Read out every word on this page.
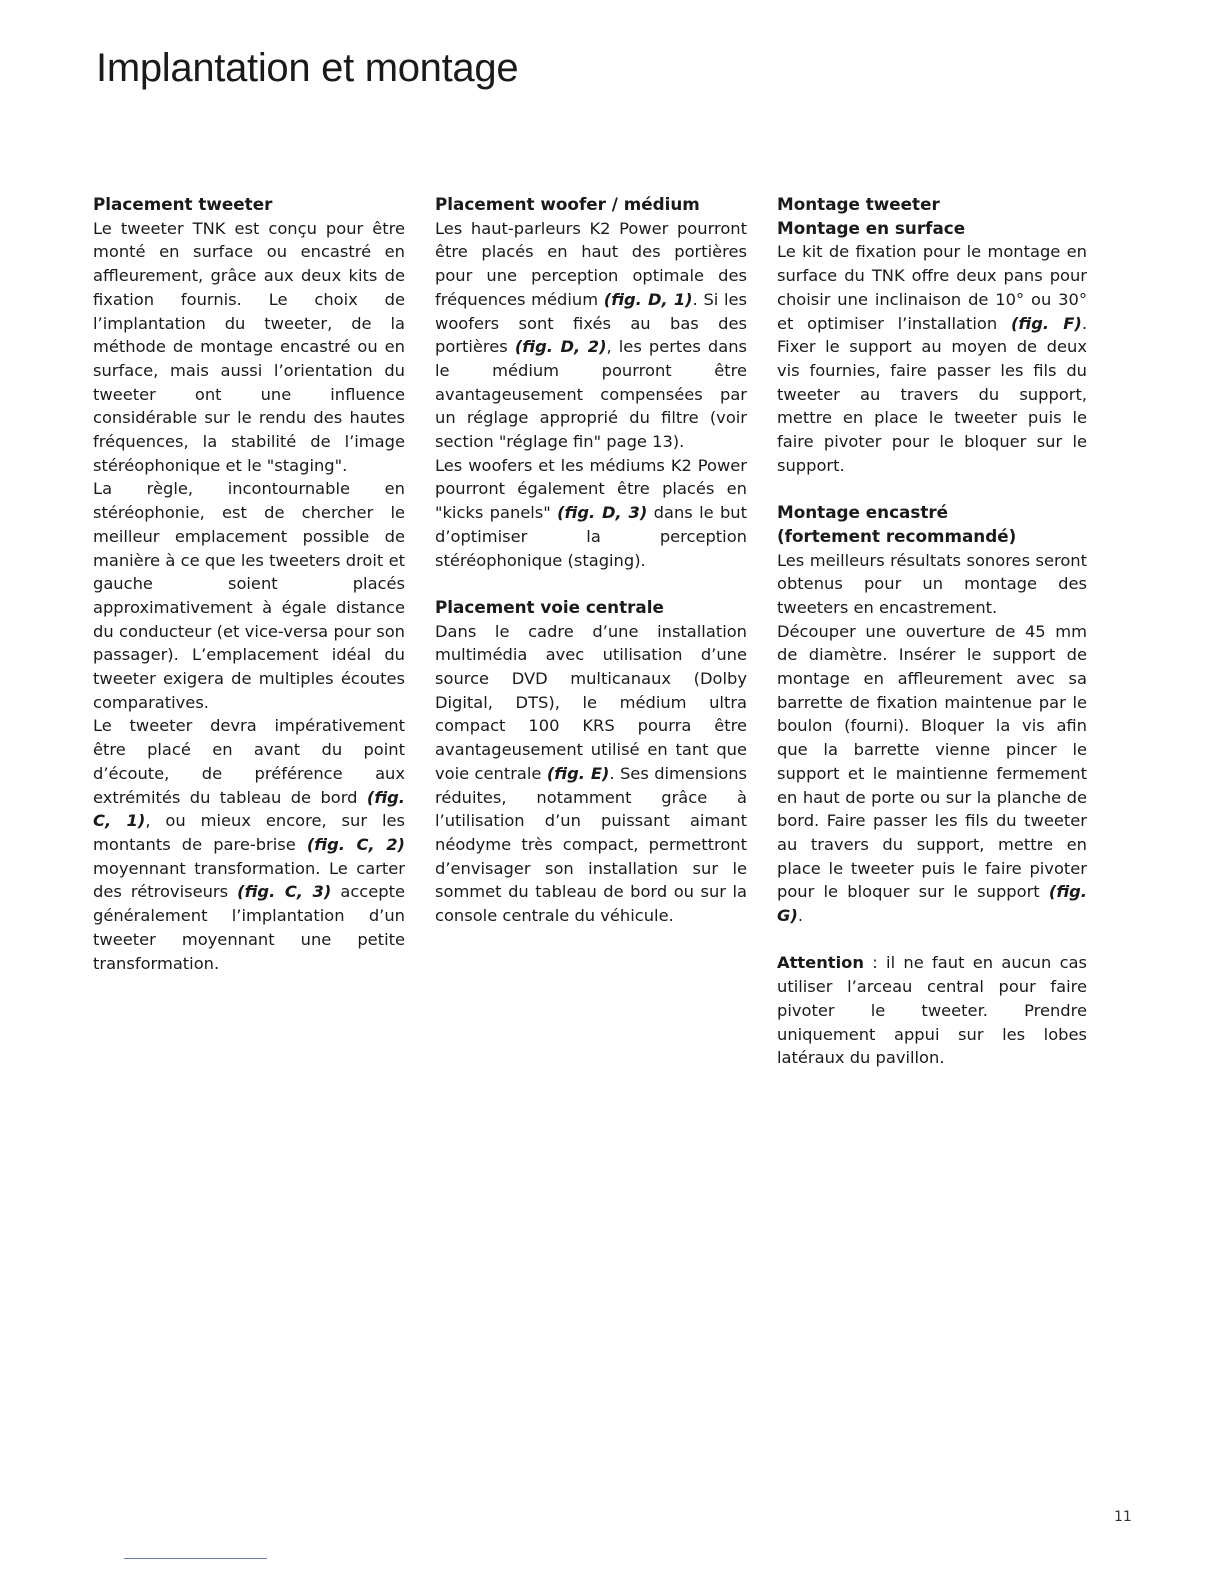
Implantation et montage
Placement tweeter

Le tweeter TNK est conçu pour être monté en surface ou encastré en affleurement, grâce aux deux kits de fixation fournis. Le choix de l’implantation du tweeter, de la méthode de montage encastré ou en surface, mais aussi l’orientation du tweeter ont une influence considérable sur le rendu des hautes fréquences, la stabilité de l’image stéréophonique et le "staging".

La règle, incontournable en stéréophonie, est de chercher le meilleur emplacement possible de manière à ce que les tweeters droit et gauche soient placés approximativement à égale distance du conducteur (et vice-versa pour son passager). L’emplacement idéal du tweeter exigera de multiples écoutes comparatives.

Le tweeter devra impérativement être placé en avant du point d’écoute, de préférence aux extrémités du tableau de bord (fig. C, 1), ou mieux encore, sur les montants de pare-brise (fig. C, 2) moyennant transformation. Le carter des rétroviseurs (fig. C, 3) accepte généralement l’implantation d’un tweeter moyennant une petite transformation.

Placement woofer / médium

Les haut-parleurs K2 Power pourront être placés en haut des portières pour une perception optimale des fréquences médium (fig. D, 1). Si les woofers sont fixés au bas des portières (fig. D, 2), les pertes dans le médium pourront être avantageusement compensées par un réglage approprié du filtre (voir section "réglage fin" page 13).

Les woofers et les médiums K2 Power pourront également être placés en "kicks panels" (fig. D, 3) dans le but d’optimiser la perception stéréophonique (staging).

Placement voie centrale

Dans le cadre d’une installation multimédia avec utilisation d’une source DVD multicanaux (Dolby Digital, DTS), le médium ultra compact 100 KRS pourra être avantageusement utilisé en tant que voie centrale (fig. E). Ses dimensions réduites, notamment grâce à l’utilisation d’un puissant aimant néodyme très compact, permettront d’envisager son installation sur le sommet du tableau de bord ou sur la console centrale du véhicule.

Montage tweeter
Montage en surface

Le kit de fixation pour le montage en surface du TNK offre deux pans pour choisir une inclinaison de 10° ou 30° et optimiser l’installation (fig. F). Fixer le support au moyen de deux vis fournies, faire passer les fils du tweeter au travers du support, mettre en place le tweeter puis le faire pivoter pour le bloquer sur le support.

Montage encastré
(fortement recommandé)

Les meilleurs résultats sonores seront obtenus pour un montage des tweeters en encastrement.

Découper une ouverture de 45 mm de diamètre. Insérer le support de montage en affleurement avec sa barrette de fixation maintenue par le boulon (fourni). Bloquer la vis afin que la barrette vienne pincer le support et le maintienne fermement en haut de porte ou sur la planche de bord. Faire passer les fils du tweeter au travers du support, mettre en place le tweeter puis le faire pivoter pour le bloquer sur le support (fig. G).

Attention : il ne faut en aucun cas utiliser l’arceau central pour faire pivoter le tweeter. Prendre uniquement appui sur les lobes latéraux du pavillon.

11
